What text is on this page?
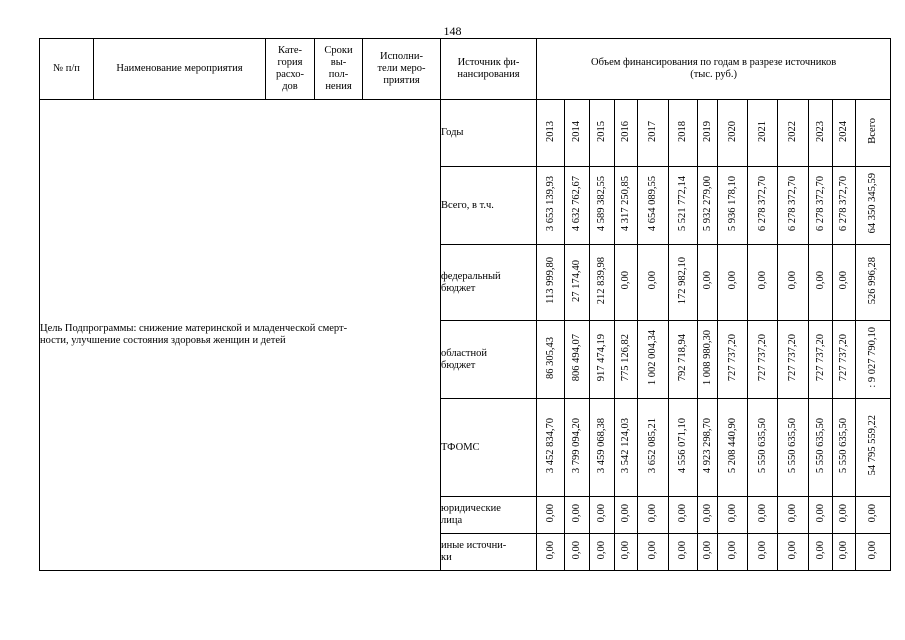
148
№ п/п	Наименование мероприятия	Кате-
гория
расхо-
дов	Сроки
вы-
пол-
нения	Исполни-
тели меро-
приятия	Источник фи-
нансирования	Объем финансирования по годам в разрезе источников
(тыс. руб.)												
Цель Подпрограммы: снижение материнской и младенческой смерт-
ности, улучшение состояния здоровья женщин и детей					Годы	2013	2014	2015	2016	2017	2018	2019	2020	2021	2022	2023	2024	Всего
					Всего, в т.ч.	3 653 139,93	4 632 762,67	4 589 382,55	4 317 250,85	4 654 089,55	5 521 772,14	5 932 279,00	5 936 178,10	6 278 372,70	6 278 372,70	6 278 372,70	6 278 372,70	64 350 345,59
					федеральный
бюджет	113 999,80	27 174,40	212 839,98	0,00	0,00	172 982,10	0,00	0,00	0,00	0,00	0,00	0,00	526 996,28
					областной
бюджет	86 305,43	806 494,07	917 474,19	775 126,82	1 002 004,34	792 718,94	1 008 980,30	727 737,20	727 737,20	727 737,20	727 737,20	727 737,20	: 9 027 790,10
					ТФОМС	3 452 834,70	3 799 094,20	3 459 068,38	3 542 124,03	3 652 085,21	4 556 071,10	4 923 298,70	5 208 440,90	5 550 635,50	5 550 635,50	5 550 635,50	5 550 635,50	54 795 559,22
					юридические
лица	0,00	0,00	0,00	0,00	0,00	0,00	0,00	0,00	0,00	0,00	0,00	0,00	0,00
					иные источни-
ки	0,00	0,00	0,00	0,00	0,00	0,00	0,00	0,00	0,00	0,00	0,00	0,00	0,00
